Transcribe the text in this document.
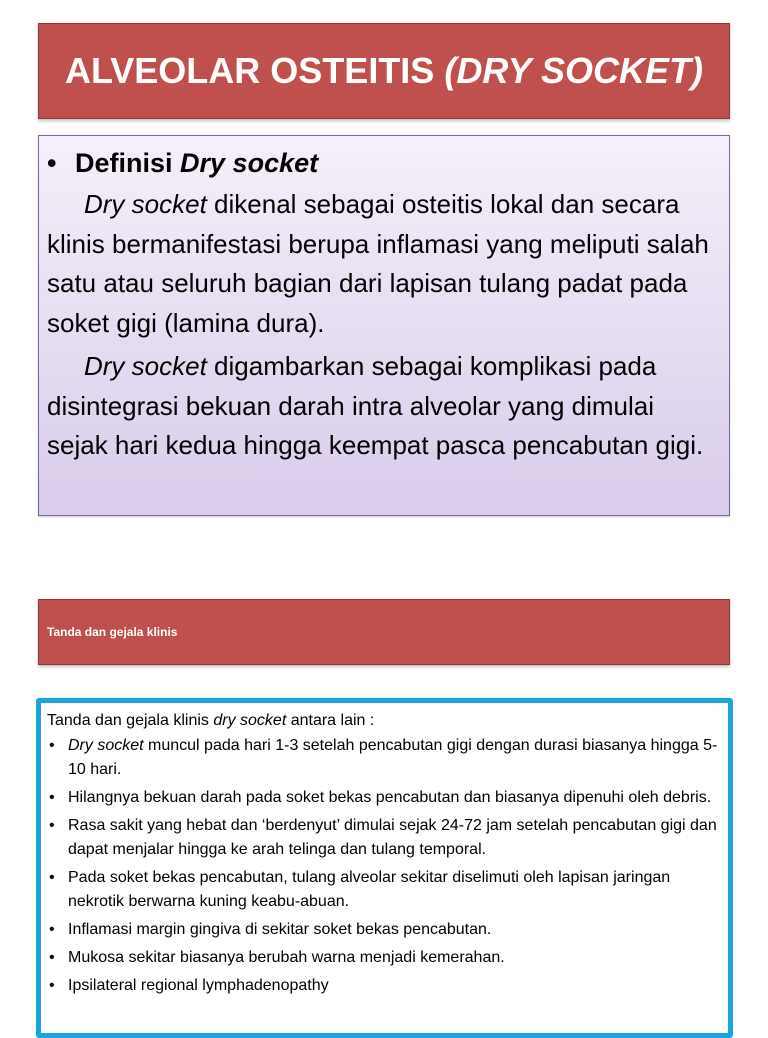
ALVEOLAR OSTEITIS (DRY SOCKET)

• Definisi Dry socket

Dry socket dikenal sebagai osteitis lokal dan secara klinis bermanifestasi berupa inflamasi yang meliputi salah satu atau seluruh bagian dari lapisan tulang padat pada soket gigi (lamina dura).

Dry socket digambarkan sebagai komplikasi pada disintegrasi bekuan darah intra alveolar yang dimulai sejak hari kedua hingga keempat pasca pencabutan gigi.

Tanda dan gejala klinis

Tanda dan gejala klinis dry socket antara lain :

• Dry socket muncul pada hari 1-3 setelah pencabutan gigi dengan durasi biasanya hingga 5-10 hari.
• Hilangnya bekuan darah pada soket bekas pencabutan dan biasanya dipenuhi oleh debris.
• Rasa sakit yang hebat dan ‘berdenyut’ dimulai sejak 24-72 jam setelah pencabutan gigi dan dapat menjalar hingga ke arah telinga dan tulang temporal.
• Pada soket bekas pencabutan, tulang alveolar sekitar diselimuti oleh lapisan jaringan nekrotik berwarna kuning keabu-abuan.
• Inflamasi margin gingiva di sekitar soket bekas pencabutan.
• Mukosa sekitar biasanya berubah warna menjadi kemerahan.
• Ipsilateral regional lymphadenopathy
